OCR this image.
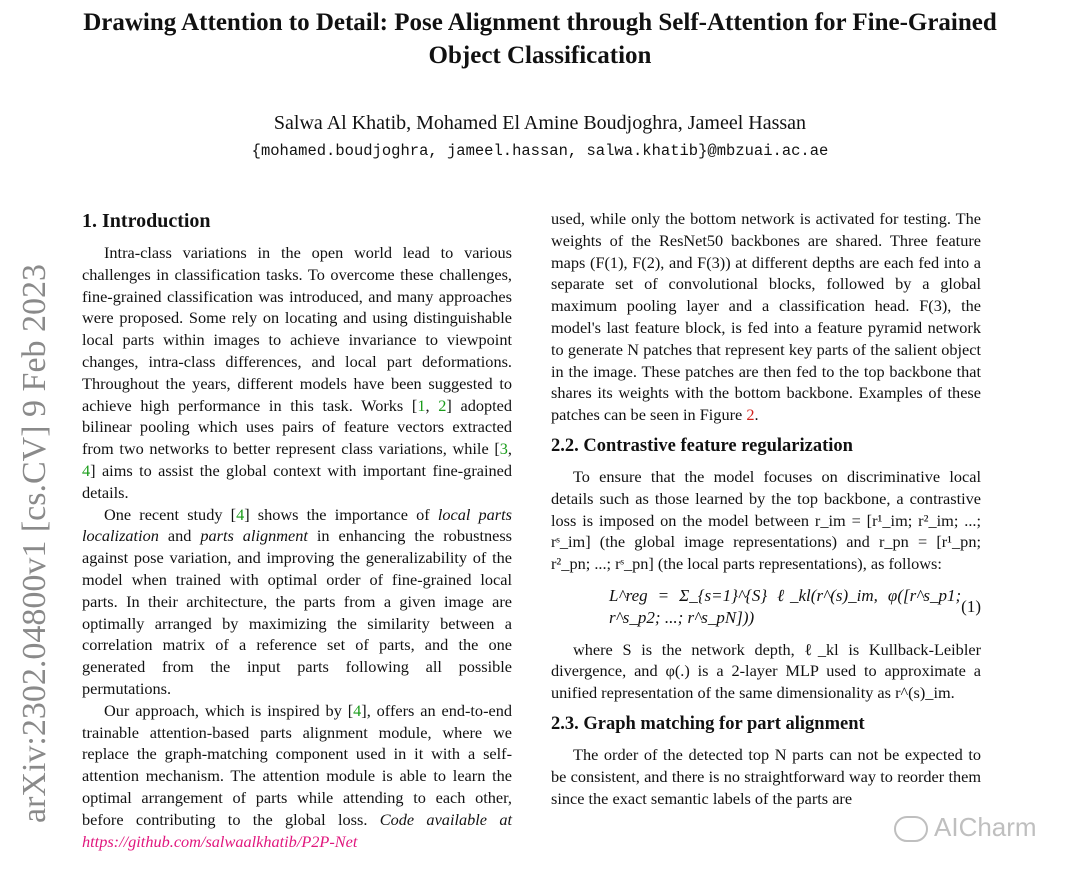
Drawing Attention to Detail: Pose Alignment through Self-Attention for Fine-Grained Object Classification
Salwa Al Khatib, Mohamed El Amine Boudjoghra, Jameel Hassan
{mohamed.boudjoghra, jameel.hassan, salwa.khatib}@mbzuai.ac.ae
arXiv:2302.04800v1 [cs.CV] 9 Feb 2023
1. Introduction

Intra-class variations in the open world lead to various challenges in classification tasks. To overcome these challenges, fine-grained classification was introduced, and many approaches were proposed. Some rely on locating and using distinguishable local parts within images to achieve invariance to viewpoint changes, intra-class differences, and local part deformations. Throughout the years, different models have been suggested to achieve high performance in this task. Works [1, 2] adopted bilinear pooling which uses pairs of feature vectors extracted from two networks to better represent class variations, while [3, 4] aims to assist the global context with important fine-grained details.

One recent study [4] shows the importance of local parts localization and parts alignment in enhancing the robustness against pose variation, and improving the generalizability of the model when trained with optimal order of fine-grained local parts. In their architecture, the parts from a given image are optimally arranged by maximizing the similarity between a correlation matrix of a reference set of parts, and the one generated from the input parts following all possible permutations.

Our approach, which is inspired by [4], offers an end-to-end trainable attention-based parts alignment module, where we replace the graph-matching component used in it with a self-attention mechanism. The attention module is able to learn the optimal arrangement of parts while attending to each other, before contributing to the global loss. Code available at https://github.com/salwaalkhatib/P2P-Net

used, while only the bottom network is activated for testing. The weights of the ResNet50 backbones are shared. Three feature maps (F(1), F(2), and F(3)) at different depths are each fed into a separate set of convolutional blocks, followed by a global maximum pooling layer and a classification head. F(3), the model's last feature block, is fed into a feature pyramid network to generate N patches that represent key parts of the salient object in the image. These patches are then fed to the top backbone that shares its weights with the bottom backbone. Examples of these patches can be seen in Figure 2.

2.2. Contrastive feature regularization

To ensure that the model focuses on discriminative local details such as those learned by the top backbone, a contrastive loss is imposed on the model between r_im = [r¹_im; r²_im; ...; rˢ_im] (the global image representations) and r_pn = [r¹_pn; r²_pn; ...; rˢ_pn] (the local parts representations), as follows:

L^reg = Σ_{s=1}^{S} ℓ_kl(r^(s)_im, φ([r^s_p1; r^s_p2; ...; r^s_pN]))
(1)

where S is the network depth, ℓ_kl is Kullback-Leibler divergence, and φ(.) is a 2-layer MLP used to approximate a unified representation of the same dimensionality as r^(s)_im.

2.3. Graph matching for part alignment

The order of the detected top N parts can not be expected to be consistent, and there is no straightforward way to reorder them since the exact semantic labels of the parts are

AICharm
